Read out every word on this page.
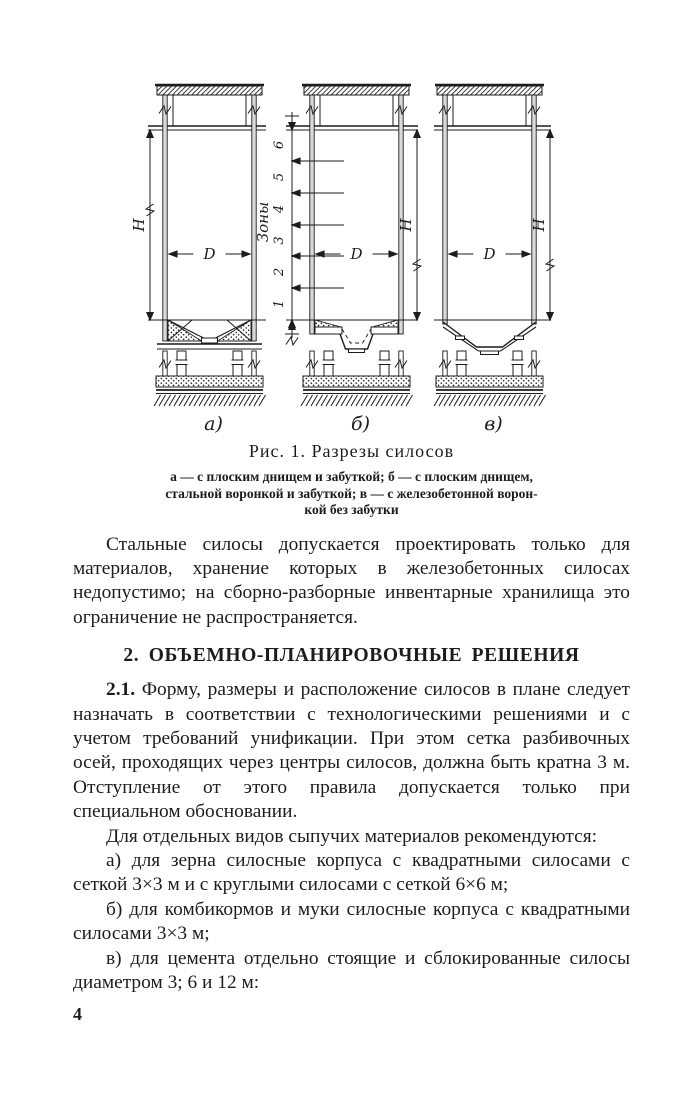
Н
D
а)
Н
D
б)
Н
D
в)
6
5
4
3
2
1
Зоны
Рис. 1. Разрезы силосов
а — с плоским днищем и забуткой; б — с плоским днищем,
стальной воронкой и забуткой; в — с железобетонной ворон-
кой без забутки

Стальные силосы допускается проектировать только для материалов, хранение которых в железобетонных силосах недопустимо; на сборно-разборные инвентарные хранилища это ограничение не распространяется.

2. ОБЪЕМНО-ПЛАНИРОВОЧНЫЕ РЕШЕНИЯ

2.1. Форму, размеры и расположение силосов в плане следует назначать в соответствии с технологическими решениями и с учетом требований унификации. При этом сетка разбивочных осей, проходящих через центры силосов, должна быть кратна 3 м. Отступление от этого правила допускается только при специальном обосновании.

Для отдельных видов сыпучих материалов рекомендуются:

а) для зерна силосные корпуса с квадратными силосами с сеткой 3×3 м и с круглыми силосами с сеткой 6×6 м;

б) для комбикормов и муки силосные корпуса с квадратными силосами 3×3 м;

в) для цемента отдельно стоящие и сблокированные силосы диаметром 3; 6 и 12 м:

4
